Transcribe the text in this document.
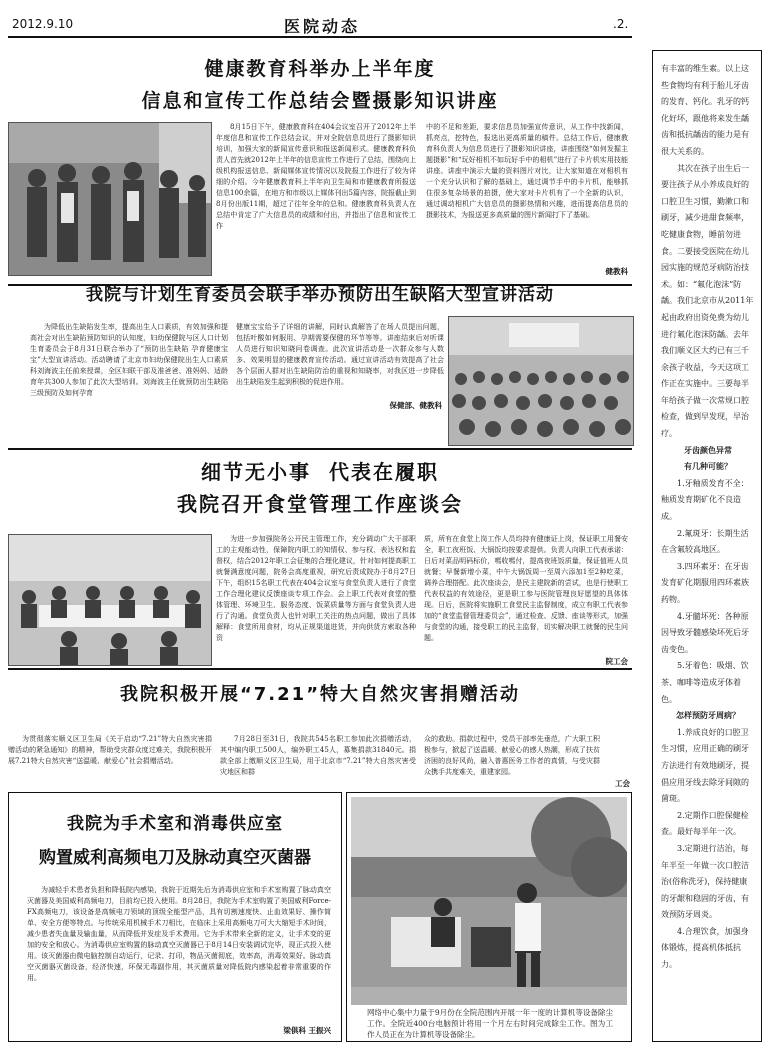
2012.9.10	医院动态	.2.
健康教育科举办上半年度
信息和宣传工作总结会暨摄影知识讲座
8月15日下午，健康教育科在404会议室召开了2012年上半年度信息和宣传工作总结会议，并对全院信息员进行了摄影知识培训，加强大家的新闻宣传意识和报送新闻形式。健康教育科负责人首先就2012年上半年的信息宣传工作进行了总结，围绕向上级机构报送信息、新闻媒体宣传情况以及院报工作进行了较为详细的介绍。今年健康教育科上半年向卫生局和市健康教育所报送信息100余篇，在地方和市级以上媒体刊出5篇内容，院报截止到8月份出版11期，超过了往年全年的总和。健康教育科负责人在总结中肯定了广大信息员的成绩和付出，并指出了信息和宣传工作
中的不足和差距，要求信息员加强宣传意识，从工作中找新闻，抓亮点，挖特色，报选出更高质量的稿件。总结工作后，健康教育科负责人为信息员进行了摄影知识讲座，讲座围绕“如何发掘主题摄影”和“玩好相机不如玩好手中的相机”进行了卡片机实用技能讲座。讲座中演示大量的资料图片对比，让大家知道在对相机有一个充分认识和了解的基础上，通过调节手中的卡片机，能够抓住很多复杂场景的拍摄，使大家对卡片机有了一个全新的认识，通过调动相机广大信息员的摄影热情和兴趣，进而提高信息员的摄影技术，为报送更多高质量的图片新闻打下了基础。
健教科
我院与计划生育委员会联手举办预防出生缺陷大型宣讲活动
为降低出生缺陷发生率，提高出生人口素质，有效加强和提高社会对出生缺陷预防知识的认知度，妇幼保健院与区人口计划生育委员会于8月31日联合举办了“预防出生缺陷 孕育健康宝宝”大型宣讲活动。活动聘请了北京市妇幼保健院出生人口素质科刘海波主任前来授课，全区妇联干部及准爸爸、准妈妈、适龄育年共300人参加了此次大型培训。刘海波主任就预防出生缺陷三级预防及如何孕育
健康宝宝给予了详细的讲解，同时认真解答了在场人员提出问题，包括叶酸如何服用、孕期需要保健的环节等等。讲座结束后对听课人员进行知识知晓问卷调查。此次宣讲活动是一次群众参与人数多、效果明显的健康教育宣传活动。通过宣讲活动有效提高了社会各个层面人群对出生缺陷防治的重视和知晓率，对我区进一步降低出生缺陷发生起到积极的促进作用。
保健部、健教科
细节无小事  代表在履职
我院召开食堂管理工作座谈会
为进一步加强院务公开民主管理工作，充分调动广大干部职工的主观能动性，保障院内职工的知情权、参与权、表达权和监督权，结合2012年职工会征集的合理化建议，针对如何提高职工就餐满意度问题，院务会高度重视，研究后责成院办于8月27日下午，组织15名职工代表在404会议室与食堂负责人进行了食堂工作合理化建议反馈座谈专项工作会。会上职工代表对食堂的整体管理、环境卫生、服务态度、饭菜质量等方面与食堂负责人进行了沟通。食堂负责人也针对职工关注的热点问题，做出了具体解释：食堂所用食材，均从正规渠道进货，并向供货方索取各种资
质，所有在食堂上岗工作人员均持有健康证上岗，保证职工用餐安全，职工夜班饭、大锅饭均按要求提供。负责人向职工代表承诺：日后对菜品明码标价，嗎收嗎付，提高夜班饭质量，保证值班人员就餐；早餐新增小菜，中午大锅饭周一至周六添加1至2种吃菜，调养合理搭配。此次座谈会，是民主建院新的尝试，也是行使职工代表权益的有效途径，更是职工参与医院管理良好愿望的具体体现。日后，医院将实施职工食堂民主监督制度，成立有职工代表参加的“食堂监督管理委员会”，通过检查、反馈、座谈等形式，加强与食堂的沟通，接受职工的民主监督，切实解决职工就餐的民生问题。
院工会
我院积极开展“7.21”特大自然灾害捐赠活动
为贯彻落实顺义区卫生局《关于启动“7.21”特大自然灾害捐赠活动的紧急通知》的精神，帮助受灾群众度过难关，我院积极开展7.21特大自然灾害“送温暖、献爱心”社会捐赠活动。
7月28日至31日，我院共545名职工参加此次捐赠活动，其中编内职工500人，编外职工45人，募集捐款31840元。捐款全部上缴顺义区卫生局，用于北京市“7.21”特大自然灾害受灾地区和群
众的救助。捐款过程中，党员干部率先垂范，广大职工积极参与，掀起了送温暖、献爱心的感人热潮，形成了扶贫济困的良好风尚，融入普惠医务工作者的真情，与受灾群众携手共度难关，重建家园。
工会
我院为手术室和消毒供应室
购置威利高频电刀及脉动真空灭菌器
为减轻手术患者负担和降低院内感染，我院于近期先后为消毒供应室和手术室购置了脉动真空灭菌器及美国威利高频电刀，目前均已投入使用。8月28日，我院为手术室购置了美国威利Force-FX高频电刀，该设备是高频电刀领域的顶级全能型产品，具有切割速度快、止血效果好、操作简单、安全方便等特点。与传统采用机械手术刀相比，在临床上采用高频电刀可大大缩短手术时间，减少患者失血量及输血量，从而降低并发症及手术费用。它为手术带来全新的定义，让手术变的更加的安全和放心。为消毒供应室购置的脉动真空灭菌器已于8月14日安装调试完毕，现正式投入使用。该灭菌器由微电脑控制自动运行，记录、打印，物品灭菌彻底，效率高，消毒效果好。脉动真空灭菌器灭菌设备，经济快速，环保无毒副作用，其灭菌质量对降低院内感染起着非常重要的作用。
梁俱科 王振兴
网络中心集中力量于9月份在全院范围内开展一年一度的计算机等设备除尘工作。全院近400台电脑预计将用一个月左右时间完成除尘工作。图为工作人员正在为计算机等设备除尘。

有丰富的维生素。以上这些食物均有利于胎儿牙齿的发育、钙化。乳牙的钙化好坏，跟他将来发生龋齿和抵抗龋齿的能力是有很大关系的。

其次在孩子出生后一要注孩子从小养成良好的口腔卫生习惯，勤漱口和刷牙，减少进甜食频率，吃健康食物，睡前勿进食。二要接受医院在幼儿园实施的规范牙病防治技术。如：“氟化泡沫”防龋。我们北京市从2011年起由政府出资免费为幼儿进行氟化泡沫防龋。去年我们顺义区大约已有三千余孩子收益，今天这项工作正在实施中。三要每半年给孩子做一次常规口腔检查，做到早发现，早治疗。

牙齿颜色异常

有几种可能？

1.牙釉质发育不全：釉质发育期矿化不良造成。

2.氟斑牙：长期生活在含氟较高地区。

3.四环素牙：在牙齿发育矿化期服用四环素族药物。

4.牙髓坏死：各种原因导致牙髓感染坏死后牙齿变色。

5.牙着色：吸烟、饮茶、咖啡等造成牙体着色。

怎样预防牙周病？

1.养成良好的口腔卫生习惯，应用正确的刷牙方法进行有效地刷牙，提倡应用牙线去除牙间隙的菌斑。

2.定期作口腔保健检查。最好每半年一次。

3.定期进行洁治，每年半至一年做一次口腔洁治(俗称洗牙)，保持健康的牙龈和稳固的牙齿，有效预防牙周炎。

4.合理饮食，加强身体锻炼，提高机体抵抗力。
